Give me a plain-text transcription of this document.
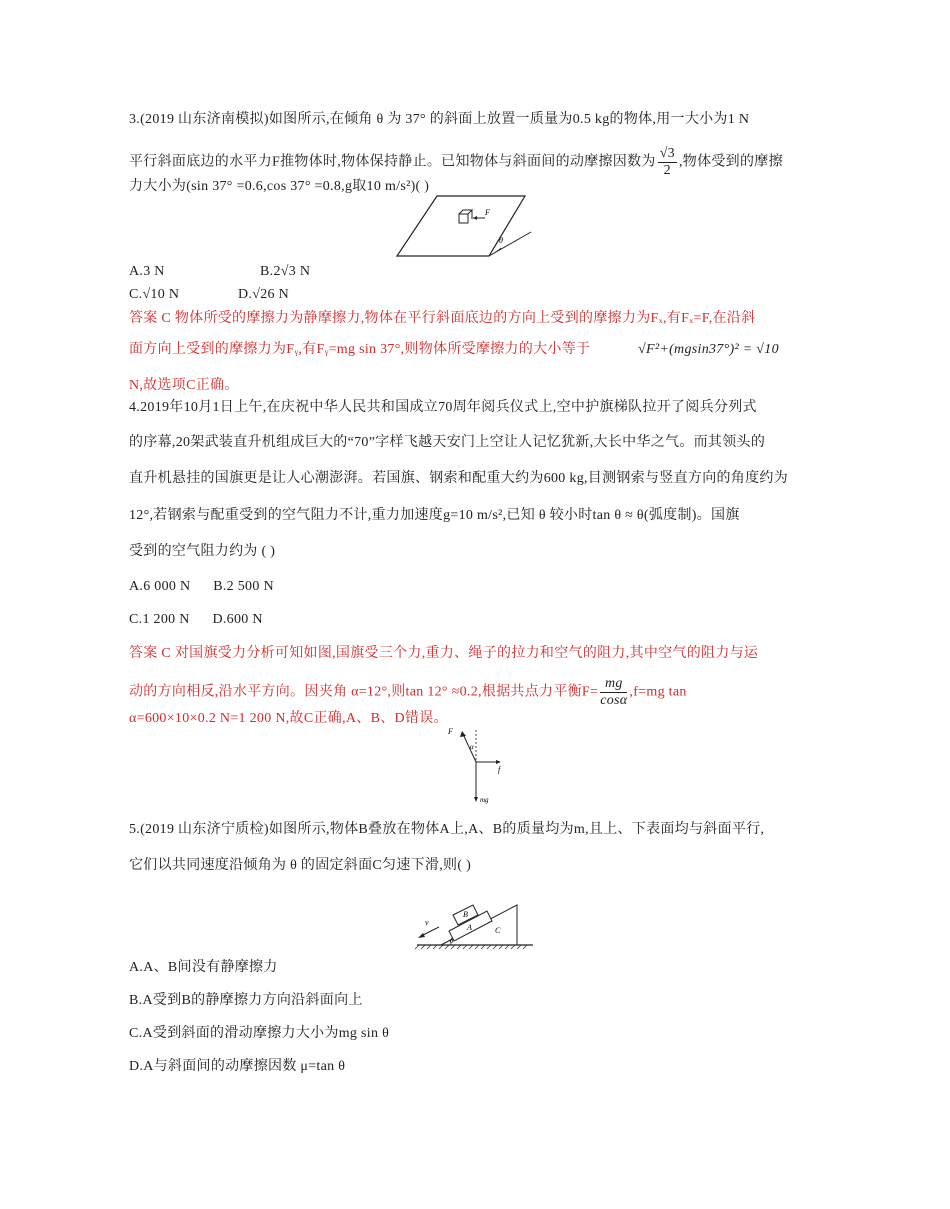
3.(2019 山东济南模拟)如图所示,在倾角 θ 为 37° 的斜面上放置一质量为0.5 kg的物体,用一大小为1 N
平行斜面底边的水平力F推物体时,物体保持静止。已知物体与斜面间的动摩擦因数为 $\frac{√3}{2}$ ,物体受到的摩擦
力大小为(sin 37° =0.6,cos 37° =0.8,g取10 m/s²)( )
F
θ
A.3 N	B.2√3 N
C.√10 N	D.√26 N
答案 C 物体所受的摩擦力为静摩擦力,物体在平行斜面底边的方向上受到的摩擦力为Fₓ,有Fₓ=F,在沿斜
面方向上受到的摩擦力为Fᵧ,有Fᵧ=mg sin 37°,则物体所受摩擦力的大小等于	√F²+(mgsin37°)² = √10
N,故选项C正确。
4.2019年10月1日上午,在庆祝中华人民共和国成立70周年阅兵仪式上,空中护旗梯队拉开了阅兵分列式
的序幕,20架武装直升机组成巨大的“70”字样飞越天安门上空让人记忆犹新,大长中华之气。而其领头的
直升机悬挂的国旗更是让人心潮澎湃。若国旗、钢索和配重大约为600 kg,目测钢索与竖直方向的角度约为
12°,若钢索与配重受到的空气阻力不计,重力加速度g=10 m/s²,已知 θ 较小时tan θ ≈ θ(弧度制)。国旗
受到的空气阻力约为 ( )
A.6 000 N      B.2 500 N
C.1 200 N      D.600 N
答案 C 对国旗受力分析可知如图,国旗受三个力,重力、绳子的拉力和空气的阻力,其中空气的阻力与运
动的方向相反,沿水平方向。因夹角 α=12°,则tan 12° ≈0.2,根据共点力平衡$F= \frac{mg}{\cos\alpha} ,f=mg$ tan
α=600×10×0.2 N=1 200 N,故C正确,A、B、D错误。
F
α
f
mg
5.(2019 山东济宁质检)如图所示,物体B叠放在物体A上,A、B的质量均为m,且上、下表面均与斜面平行,
它们以共同速度沿倾角为 θ 的固定斜面C匀速下滑,则( )
v
A
B
C
θ
A.A、B间没有静摩擦力
B.A受到B的静摩擦力方向沿斜面向上
C.A受到斜面的滑动摩擦力大小为mg sin θ
D.A与斜面间的动摩擦因数 μ=tan θ
